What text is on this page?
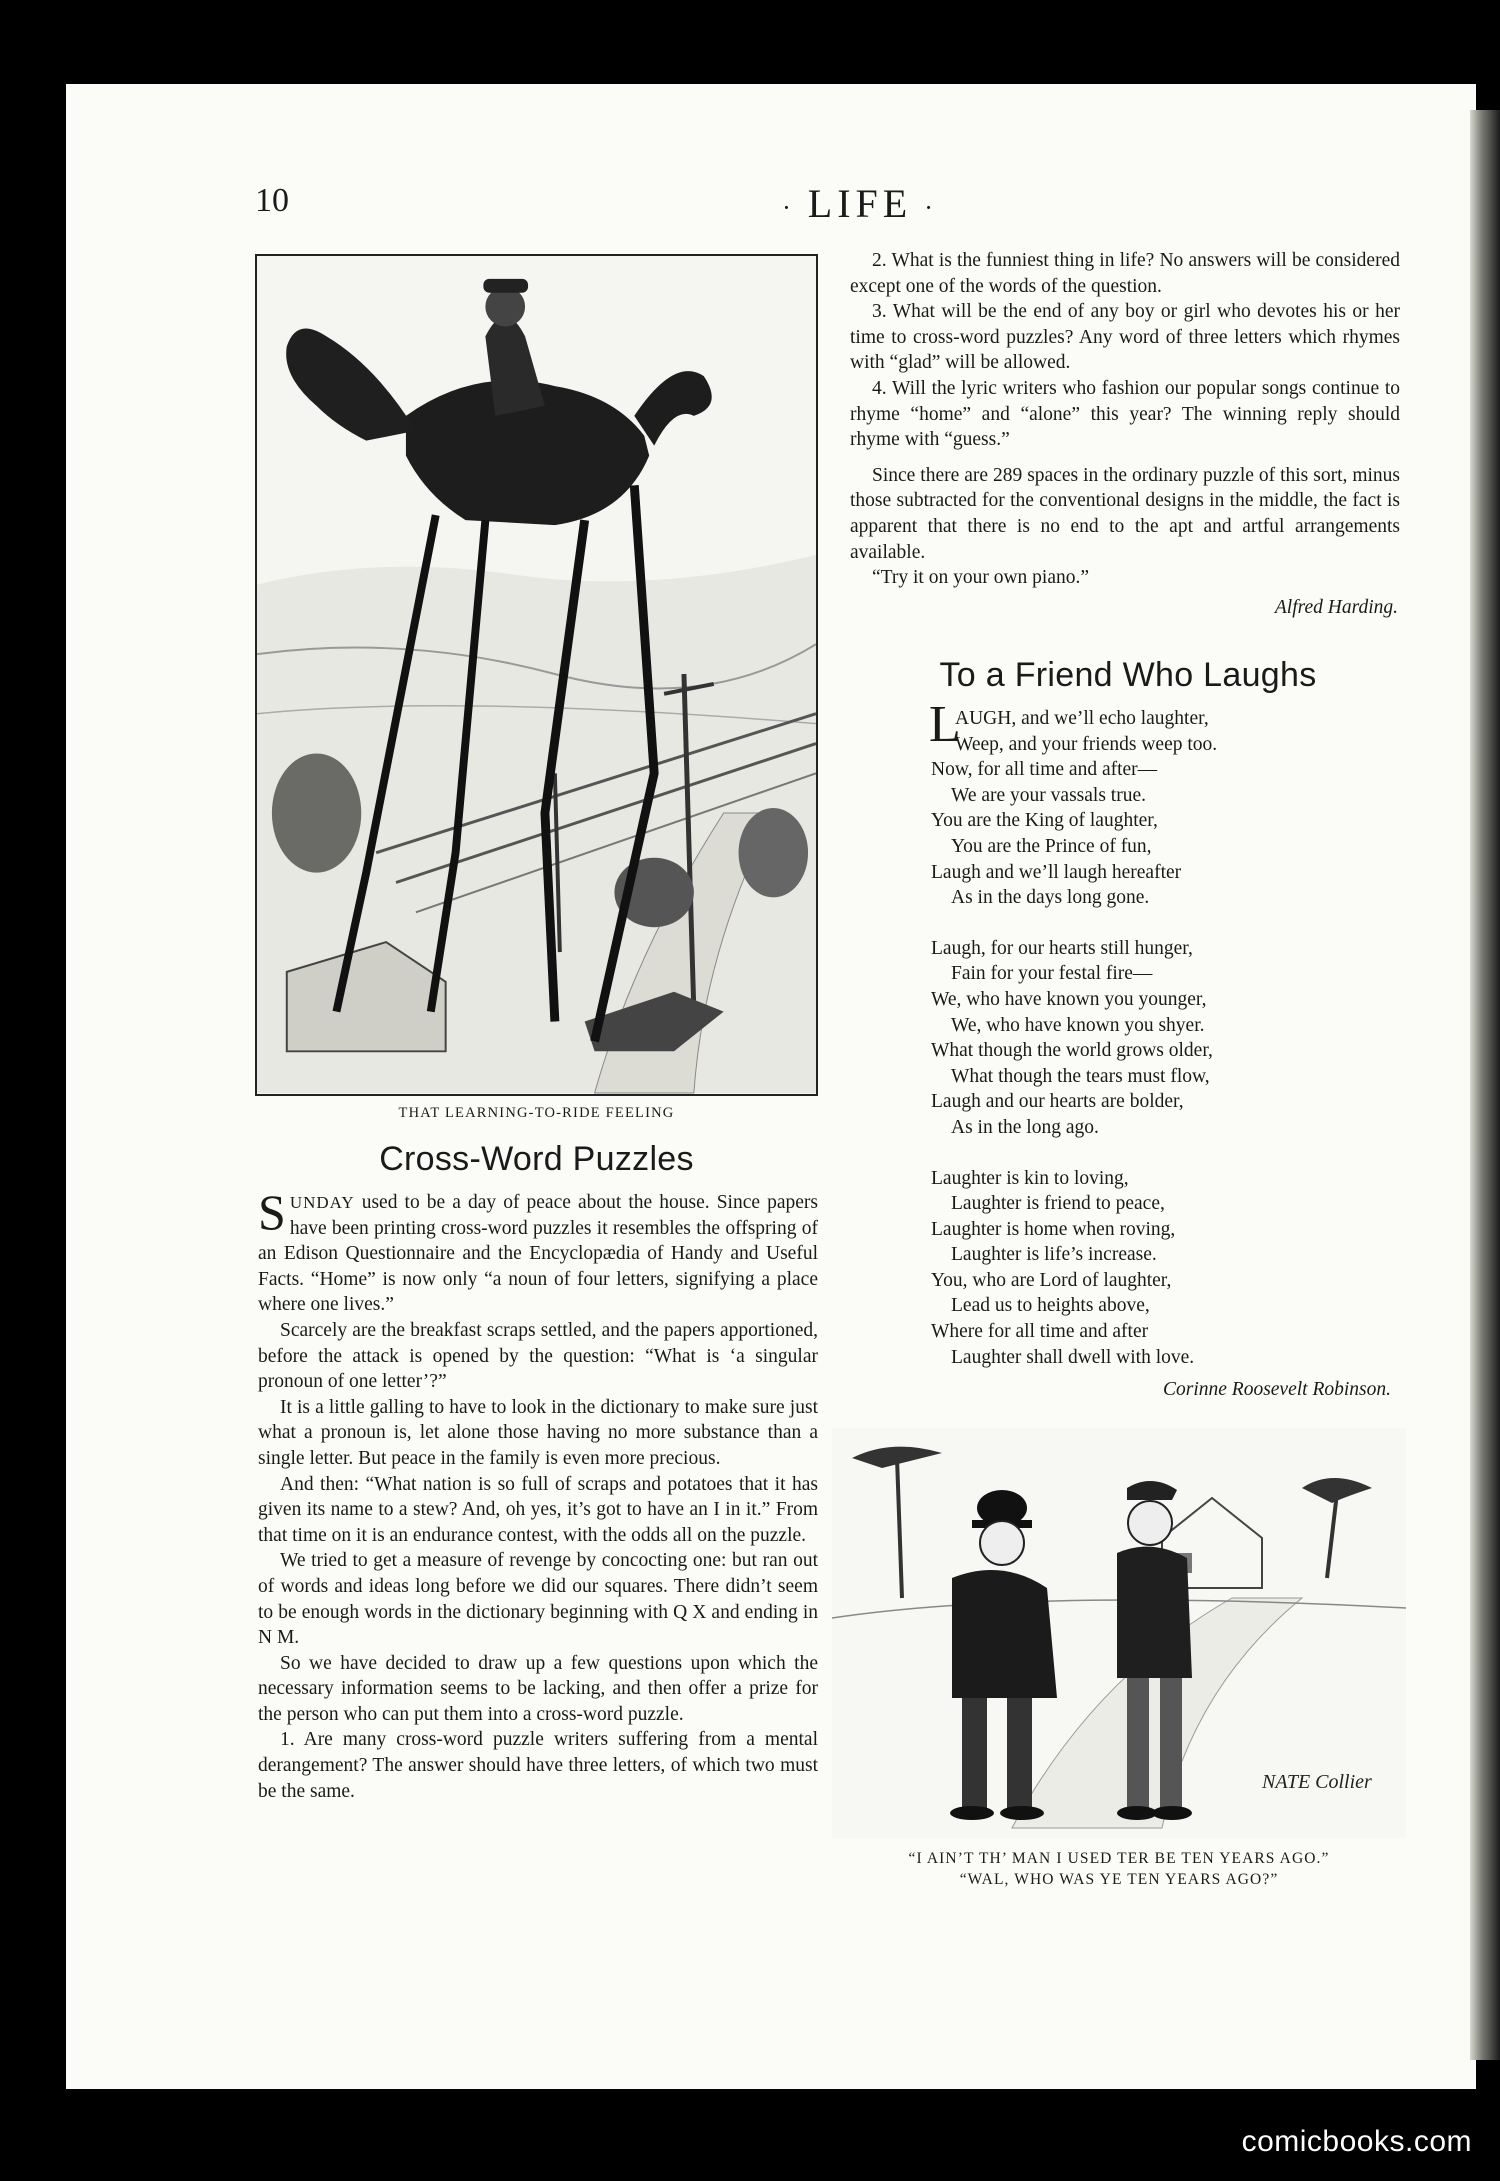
10	· LIFE ·
THAT LEARNING-TO-RIDE FEELING
Cross-Word Puzzles

SUNDAY used to be a day of peace about the house. Since papers have been printing cross-word puzzles it resembles the offspring of an Edison Questionnaire and the Encyclopædia of Handy and Useful Facts. “Home” is now only “a noun of four letters, signifying a place where one lives.”

Scarcely are the breakfast scraps settled, and the papers apportioned, before the attack is opened by the question: “What is ‘a singular pronoun of one letter’?”

It is a little galling to have to look in the dictionary to make sure just what a pronoun is, let alone those having no more substance than a single letter. But peace in the family is even more precious.

And then: “What nation is so full of scraps and potatoes that it has given its name to a stew? And, oh yes, it’s got to have an I in it.” From that time on it is an endurance contest, with the odds all on the puzzle.

We tried to get a measure of revenge by concocting one: but ran out of words and ideas long before we did our squares. There didn’t seem to be enough words in the dictionary beginning with Q X and ending in N M.

So we have decided to draw up a few questions upon which the necessary information seems to be lacking, and then offer a prize for the person who can put them into a cross-word puzzle.

1. Are many cross-word puzzle writers suffering from a mental derangement? The answer should have three letters, of which two must be the same.

2. What is the funniest thing in life? No answers will be considered except one of the words of the question.

3. What will be the end of any boy or girl who devotes his or her time to cross-word puzzles? Any word of three letters which rhymes with “glad” will be allowed.

4. Will the lyric writers who fashion our popular songs continue to rhyme “home” and “alone” this year? The winning reply should rhyme with “guess.”

Since there are 289 spaces in the ordinary puzzle of this sort, minus those subtracted for the conventional designs in the middle, the fact is apparent that there is no end to the apt and artful arrangements available.

“Try it on your own piano.”

Alfred Harding.
To a Friend Who Laughs
L
AUGH, and we’ll echo laughter,
Weep, and your friends weep too.
Now, for all time and after—
We are your vassals true.
You are the King of laughter,
You are the Prince of fun,
Laugh and we’ll laugh hereafter
As in the days long gone.
Laugh, for our hearts still hunger,
Fain for your festal fire—
We, who have known you younger,
We, who have known you shyer.
What though the world grows older,
What though the tears must flow,
Laugh and our hearts are bolder,
As in the long ago.
Laughter is kin to loving,
Laughter is friend to peace,
Laughter is home when roving,
Laughter is life’s increase.
You, who are Lord of laughter,
Lead us to heights above,
Where for all time and after
Laughter shall dwell with love.
Corinne Roosevelt Robinson.
NATE Collier
“I AIN’T TH’ MAN I USED TER BE TEN YEARS AGO.”
“WAL, WHO WAS YE TEN YEARS AGO?”
comicbooks.com
